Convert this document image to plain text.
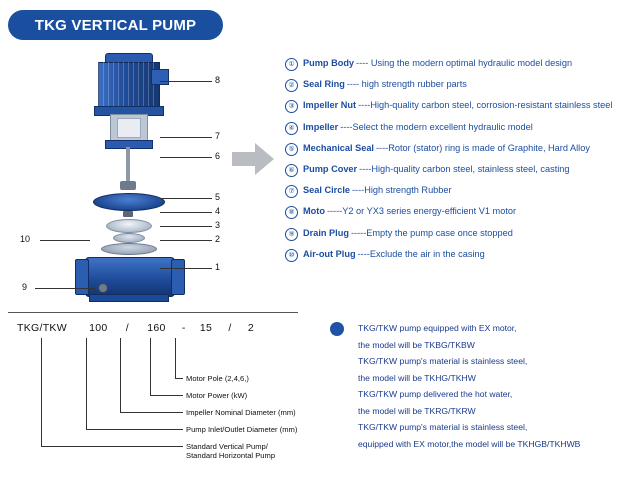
TKG VERTICAL PUMP
8
7
6
5
4
3
2
1
10
9
① Pump Body ---- Using the modern optimal hydraulic model design
② Seal Ring ---- high strength rubber parts
③ Impeller Nut ----High-quality carbon steel, corrosion-resistant stainless steel
④ Impeller ----Select the modern excellent hydraulic model
⑤ Mechanical Seal ----Rotor (stator) ring is made of Graphite, Hard Alloy
⑥ Pump Cover ----High-quality carbon steel, stainless steel, casting
⑦ Seal Circle ----High strength Rubber
⑧ Moto -----Y2 or YX3 series energy-efficient V1 motor
⑨ Drain Plug -----Empty the pump case once stopped
⑩ Air-out Plug ----Exclude the air in the casing
TKG/TKW 100 / 160 - 15 / 2
Motor Pole (2,4,6,)
Motor Power (kW)
Impeller Nominal Diameter (mm)
Pump Inlet/Outlet Diameter (mm)
Standard Vertical Pump/
Standard Horizontal Pump
TKG/TKW pump equipped with EX motor,
the model will be TKBG/TKBW
TKG/TKW pump's material is stainless steel,
the model will be TKHG/TKHW
TKG/TKW pump delivered the hot water,
the model will be TKRG/TKRW
TKG/TKW pump's material is stainless steel,
equipped with EX motor,the model will be TKHGB/TKHWB
